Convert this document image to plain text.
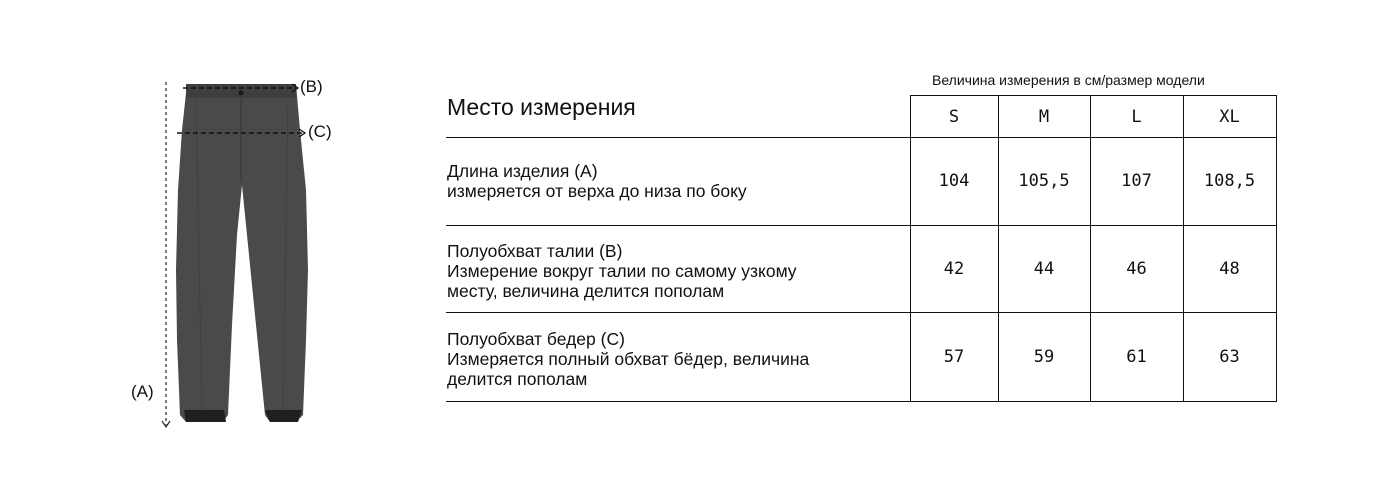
(B)
(C)
(A)
Величина измерения в см/размер модели
Место измерения	S	M	L	XL
Длина изделия (A)
измеряется от верха до низа по боку	104	105,5	107	108,5
Полуобхват талии (B)
Измерение вокруг талии по самому узкому
месту, величина делится пополам
42	44	46	48
Полуобхват бедер (C)
Измеряется полный обхват бёдер, величина
делится пополам
57	59	61	63
